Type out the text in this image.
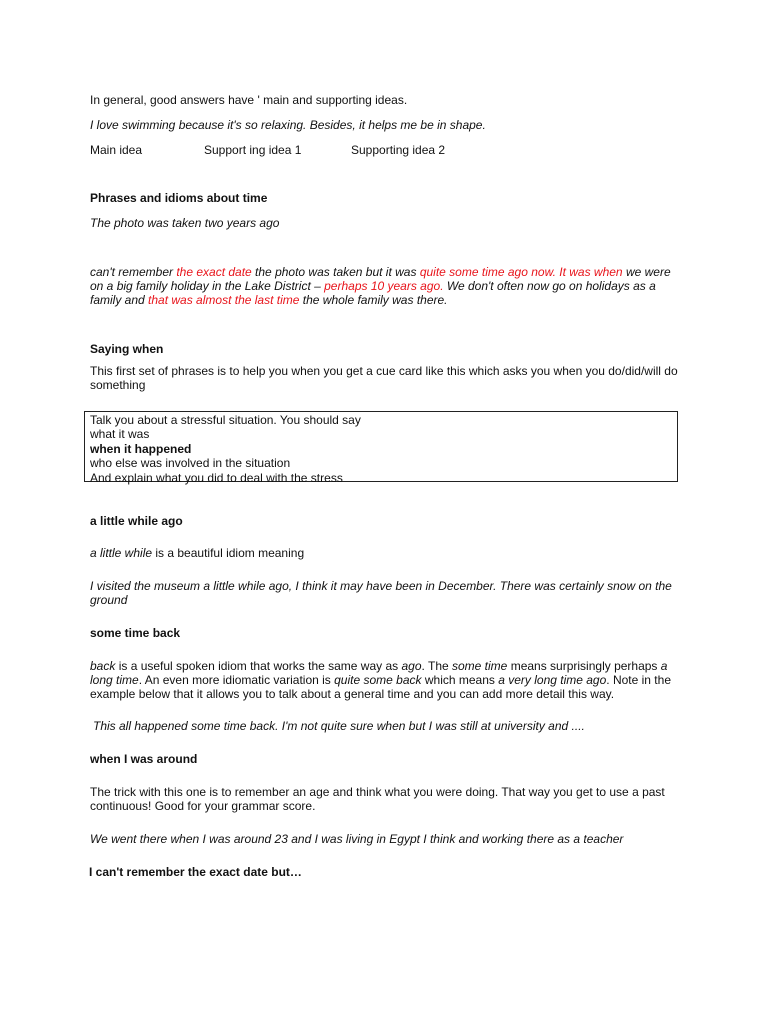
In general, good answers have ' main and supporting ideas.
I love swimming because it's so relaxing. Besides, it helps me be in shape.
Main idea	Support ing idea 1	Supporting idea 2
Phrases and idioms about time
The photo was taken two years ago
can't remember the exact date the photo was taken but it was quite some time ago now. It was when we were on a big family holiday in the Lake District – perhaps 10 years ago. We don't often now go on holidays as a family and that was almost the last time the whole family was there.
Saying when
This first set of phrases is to help you when you get a cue card like this which asks you when you do/did/will do something
Talk you about a stressful situation. You should say
what it was
when it happened
who else was involved in the situation
And explain what you did to deal with the stress
a little while ago
a little while is a beautiful idiom meaning
I visited the museum a little while ago, I think it may have been in December. There was certainly snow on the ground
some time back
back is a useful spoken idiom that works the same way as ago. The some time means surprisingly perhaps a long time. An even more idiomatic variation is quite some back which means a very long time ago. Note in the example below that it allows you to talk about a general time and you can add more detail this way.
This all happened some time back. I'm not quite sure when but I was still at university and ....
when I was around
The trick with this one is to remember an age and think what you were doing. That way you get to use a past continuous! Good for your grammar score.
We went there when I was around 23 and I was living in Egypt I think and working there as a teacher
I can't remember the exact date but…
